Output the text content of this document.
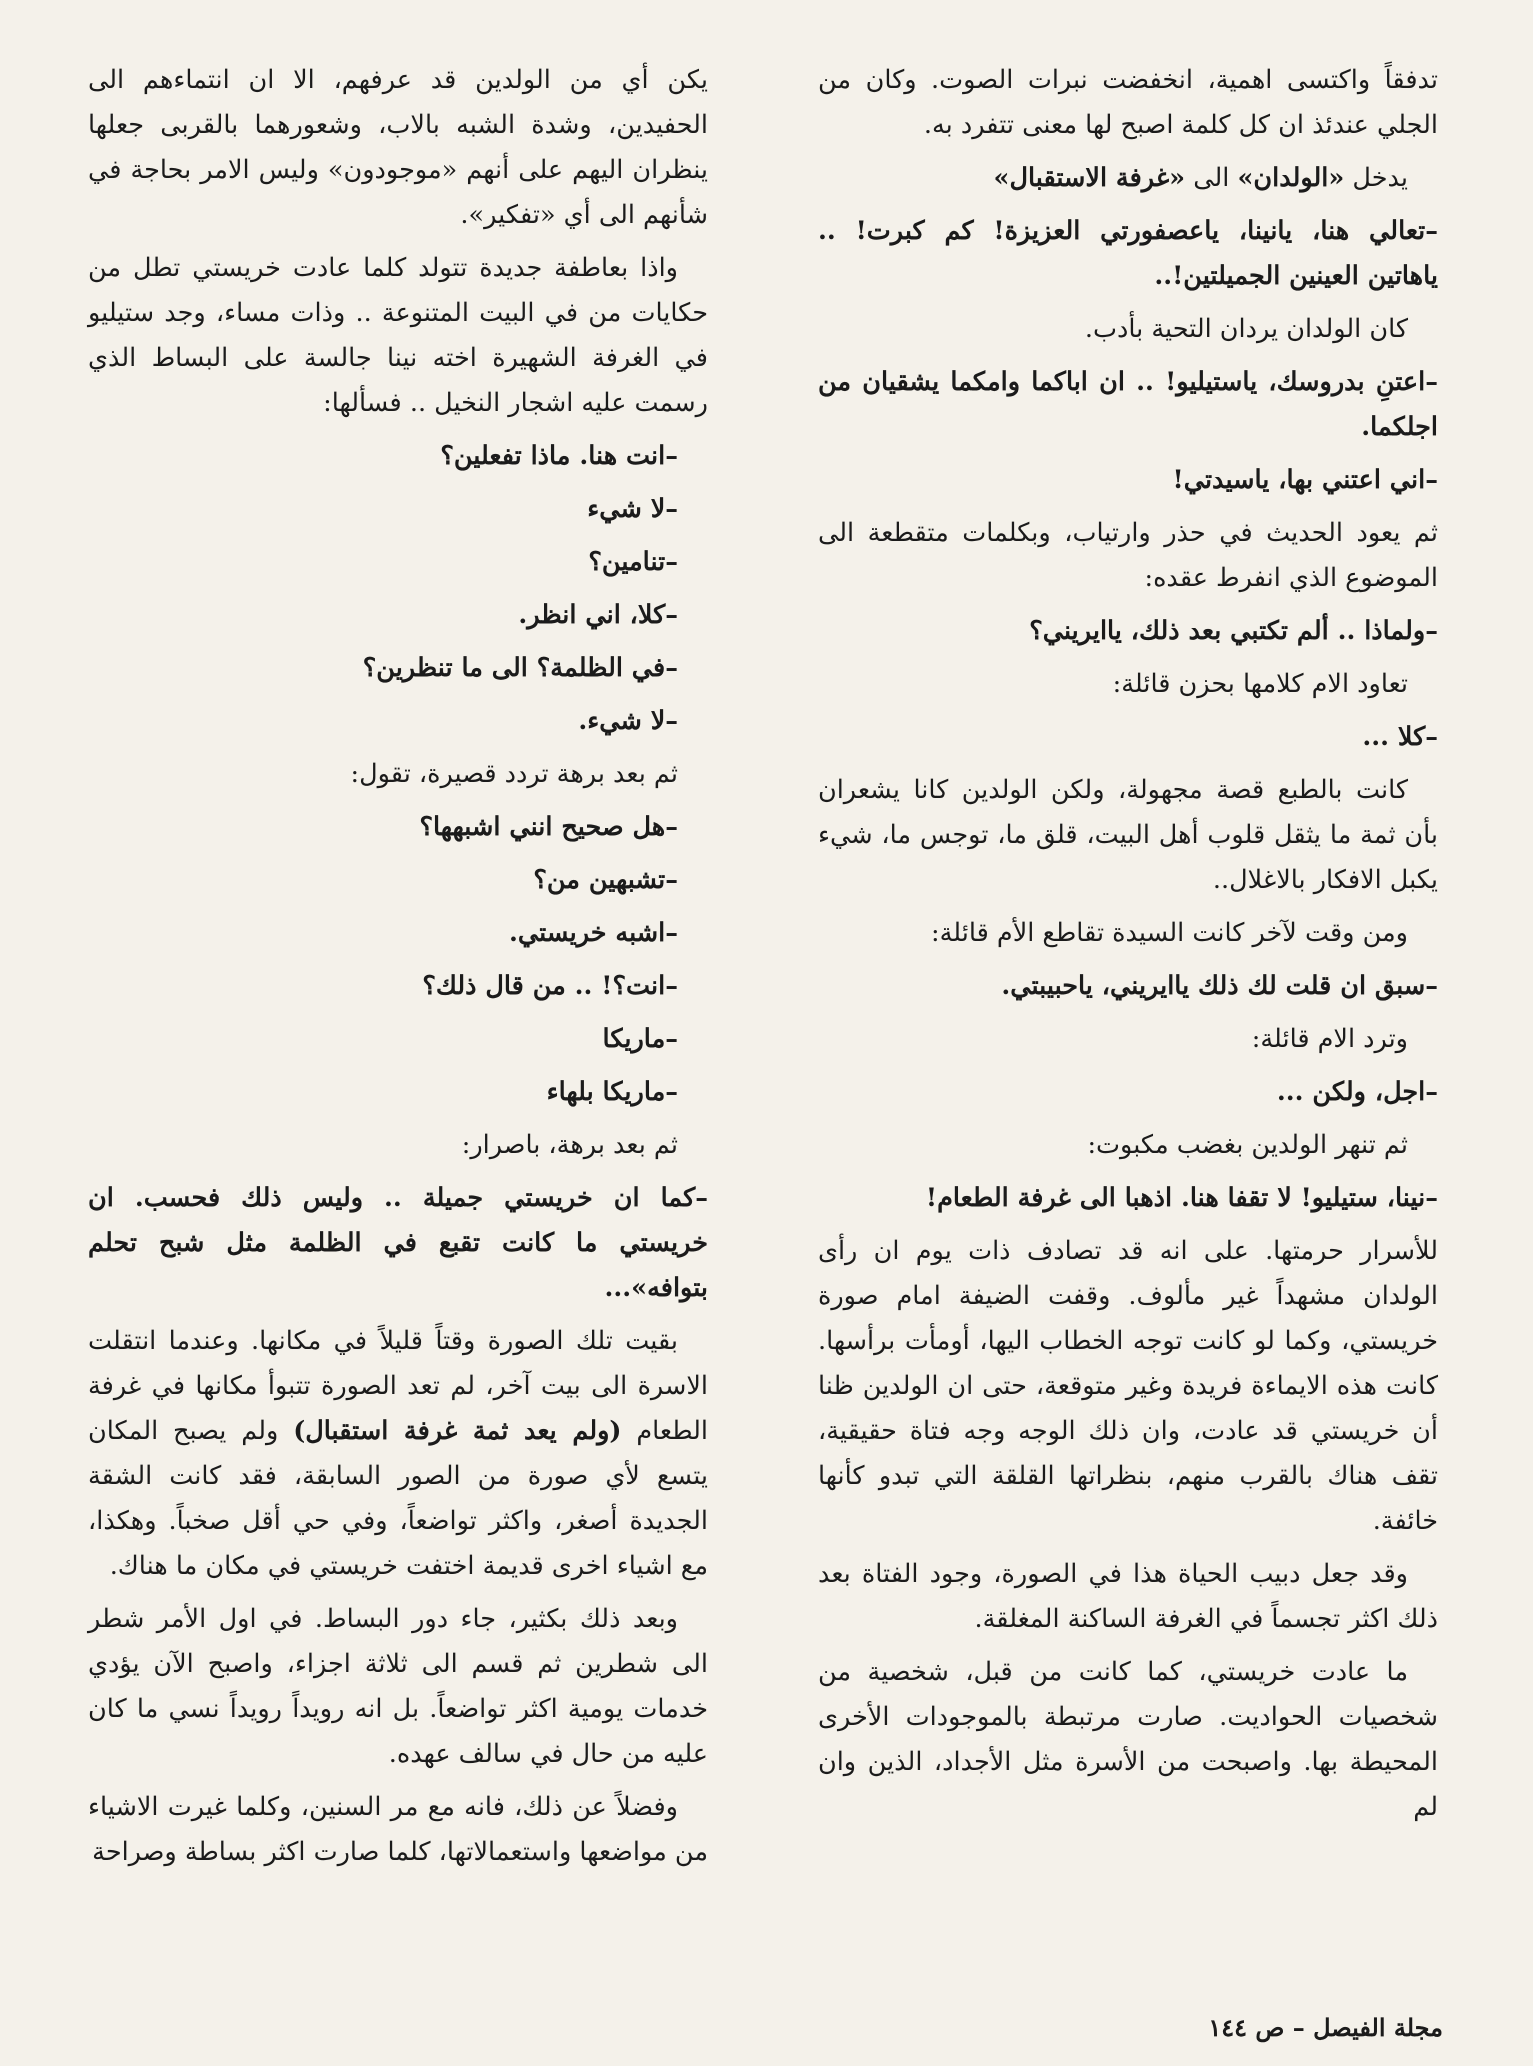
تدفقاً واكتسى اهمية، انخفضت نبرات الصوت. وكان من الجلي عندئذ ان كل كلمة اصبح لها معنى تتفرد به.

يدخل «الولدان» الى «غرفة الاستقبال»

–تعالي هنا، يانينا، ياعصفورتي العزيزة! كم كبرت! .. ياهاتين العينين الجميلتين!..

كان الولدان يردان التحية بأدب.

–اعتنِ بدروسك، ياستيليو! .. ان اباكما وامكما يشقيان من اجلكما.

–اني اعتني بها، ياسيدتي!

ثم يعود الحديث في حذر وارتياب، وبكلمات متقطعة الى الموضوع الذي انفرط عقده:

–ولماذا .. ألم تكتبي بعد ذلك، ياايريني؟

تعاود الام كلامها بحزن قائلة:

–كلا ...

كانت بالطبع قصة مجهولة، ولكن الولدين كانا يشعران بأن ثمة ما يثقل قلوب أهل البيت، قلق ما، توجس ما، شيء يكبل الافكار بالاغلال..

ومن وقت لآخر كانت السيدة تقاطع الأم قائلة:

–سبق ان قلت لك ذلك ياايريني، ياحبيبتي.

وترد الام قائلة:

–اجل، ولكن ...

ثم تنهر الولدين بغضب مكبوت:

–نينا، ستيليو! لا تقفا هنا. اذهبا الى غرفة الطعام!

للأسرار حرمتها. على انه قد تصادف ذات يوم ان رأى الولدان مشهداً غير مألوف. وقفت الضيفة امام صورة خريستي، وكما لو كانت توجه الخطاب اليها، أومأت برأسها. كانت هذه الايماءة فريدة وغير متوقعة، حتى ان الولدين ظنا أن خريستي قد عادت، وان ذلك الوجه وجه فتاة حقيقية، تقف هناك بالقرب منهم، بنظراتها القلقة التي تبدو كأنها خائفة.

وقد جعل دبيب الحياة هذا في الصورة، وجود الفتاة بعد ذلك اكثر تجسماً في الغرفة الساكنة المغلقة.

ما عادت خريستي، كما كانت من قبل، شخصية من شخصيات الحواديت. صارت مرتبطة بالموجودات الأخرى المحيطة بها. واصبحت من الأسرة مثل الأجداد، الذين وان لم

يكن أي من الولدين قد عرفهم، الا ان انتماءهم الى الحفيدين، وشدة الشبه بالاب، وشعورهما بالقربى جعلها ينظران اليهم على أنهم «موجودون» وليس الامر بحاجة في شأنهم الى أي «تفكير».

واذا بعاطفة جديدة تتولد كلما عادت خريستي تطل من حكايات من في البيت المتنوعة .. وذات مساء، وجد ستيليو في الغرفة الشهيرة اخته نينا جالسة على البساط الذي رسمت عليه اشجار النخيل .. فسألها:

–انت هنا. ماذا تفعلين؟

–لا شيء

–تنامين؟

–كلا، اني انظر.

–في الظلمة؟ الى ما تنظرين؟

–لا شيء.

ثم بعد برهة تردد قصيرة، تقول:

–هل صحيح انني اشبهها؟

–تشبهين من؟

–اشبه خريستي.

–انت؟! .. من قال ذلك؟

–ماريكا

–ماريكا بلهاء

ثم بعد برهة، باصرار:

–كما ان خريستي جميلة .. وليس ذلك فحسب. ان خريستي ما كانت تقبع في الظلمة مثل شبح تحلم بتوافه»...

بقيت تلك الصورة وقتاً قليلاً في مكانها. وعندما انتقلت الاسرة الى بيت آخر، لم تعد الصورة تتبوأ مكانها في غرفة الطعام (ولم يعد ثمة غرفة استقبال) ولم يصبح المكان يتسع لأي صورة من الصور السابقة، فقد كانت الشقة الجديدة أصغر، واكثر تواضعاً، وفي حي أقل صخباً. وهكذا، مع اشياء اخرى قديمة اختفت خريستي في مكان ما هناك.

وبعد ذلك بكثير، جاء دور البساط. في اول الأمر شطر الى شطرين ثم قسم الى ثلاثة اجزاء، واصبح الآن يؤدي خدمات يومية اكثر تواضعاً. بل انه رويداً رويداً نسي ما كان عليه من حال في سالف عهده.

وفضلاً عن ذلك، فانه مع مر السنين، وكلما غيرت الاشياء من مواضعها واستعمالاتها، كلما صارت اكثر بساطة وصراحة

مجلة الفيصل – ص ١٤٤
